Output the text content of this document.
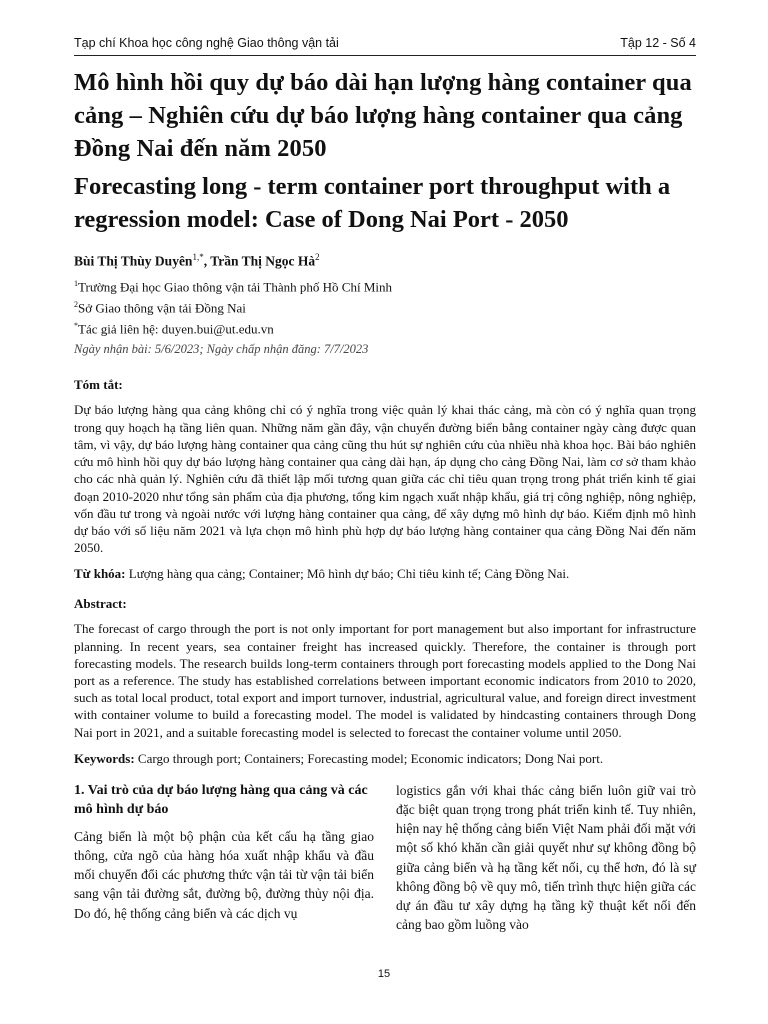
Tạp chí Khoa học công nghệ Giao thông vận tải	Tập 12 - Số 4
Mô hình hồi quy dự báo dài hạn lượng hàng container qua cảng – Nghiên cứu dự báo lượng hàng container qua cảng Đồng Nai đến năm 2050
Forecasting long - term container port throughput with a regression model: Case of Dong Nai Port - 2050
Bùi Thị Thùy Duyên$^{1,*}$, Trần Thị Ngọc $Hà^2$
$^1$Trường Đại học Giao thông vận tải Thành phố Hồ Chí Minh
$^2$Sở Giao thông vận tải Đồng Nai
*Tác giả liên hệ: duyen.bui@ut.edu.vn
Ngày nhận bài: 5/6/2023; Ngày chấp nhận đăng: 7/7/2023
Tóm tắt:
Dự báo lượng hàng qua cảng không chỉ có ý nghĩa trong việc quản lý khai thác cảng, mà còn có ý nghĩa quan trọng trong quy hoạch hạ tầng liên quan. Những năm gần đây, vận chuyển đường biển bằng container ngày càng được quan tâm, vì vậy, dự báo lượng hàng container qua cảng cũng thu hút sự nghiên cứu của nhiều nhà khoa học. Bài báo nghiên cứu mô hình hồi quy dự báo lượng hàng container qua cảng dài hạn, áp dụng cho cảng Đồng Nai, làm cơ sở tham khảo cho các nhà quản lý. Nghiên cứu đã thiết lập mối tương quan giữa các chỉ tiêu quan trọng trong phát triển kinh tế giai đoạn 2010-2020 như tổng sản phẩm của địa phương, tổng kim ngạch xuất nhập khẩu, giá trị công nghiệp, nông nghiệp, vốn đầu tư trong và ngoài nước với lượng hàng container qua cảng, để xây dựng mô hình dự báo. Kiểm định mô hình dự báo với số liệu năm 2021 và lựa chọn mô hình phù hợp dự báo lượng hàng container qua cảng Đồng Nai đến năm 2050.
Từ khóa: Lượng hàng qua cảng; Container; Mô hình dự báo; Chỉ tiêu kinh tế; Cảng Đồng Nai.
Abstract:
The forecast of cargo through the port is not only important for port management but also important for infrastructure planning. In recent years, sea container freight has increased quickly. Therefore, the container is through port forecasting models. The research builds long-term containers through port forecasting models applied to the Dong Nai port as a reference. The study has established correlations between important economic indicators from 2010 to 2020, such as total local product, total export and import turnover, industrial, agricultural value, and foreign direct investment with container volume to build a forecasting model. The model is validated by hindcasting containers through Dong Nai port in 2021, and a suitable forecasting model is selected to forecast the container volume until 2050.
Keywords: Cargo through port; Containers; Forecasting model; Economic indicators; Dong Nai port.
1. Vai trò của dự báo lượng hàng qua cảng và các mô hình dự báo
Cảng biển là một bộ phận của kết cấu hạ tầng giao thông, cửa ngõ của hàng hóa xuất nhập khẩu và đầu mối chuyển đổi các phương thức vận tải từ vận tải biển sang vận tải đường sắt, đường bộ, đường thủy nội địa. Do đó, hệ thống cảng biển và các dịch vụ
logistics gắn với khai thác cảng biển luôn giữ vai trò đặc biệt quan trọng trong phát triển kinh tế. Tuy nhiên, hiện nay hệ thống cảng biển Việt Nam phải đối mặt với một số khó khăn cần giải quyết như sự không đồng bộ giữa cảng biển và hạ tầng kết nối, cụ thể hơn, đó là sự không đồng bộ về quy mô, tiến trình thực hiện giữa các dự án đầu tư xây dựng hạ tầng kỹ thuật kết nối đến cảng bao gồm luồng vào
15
